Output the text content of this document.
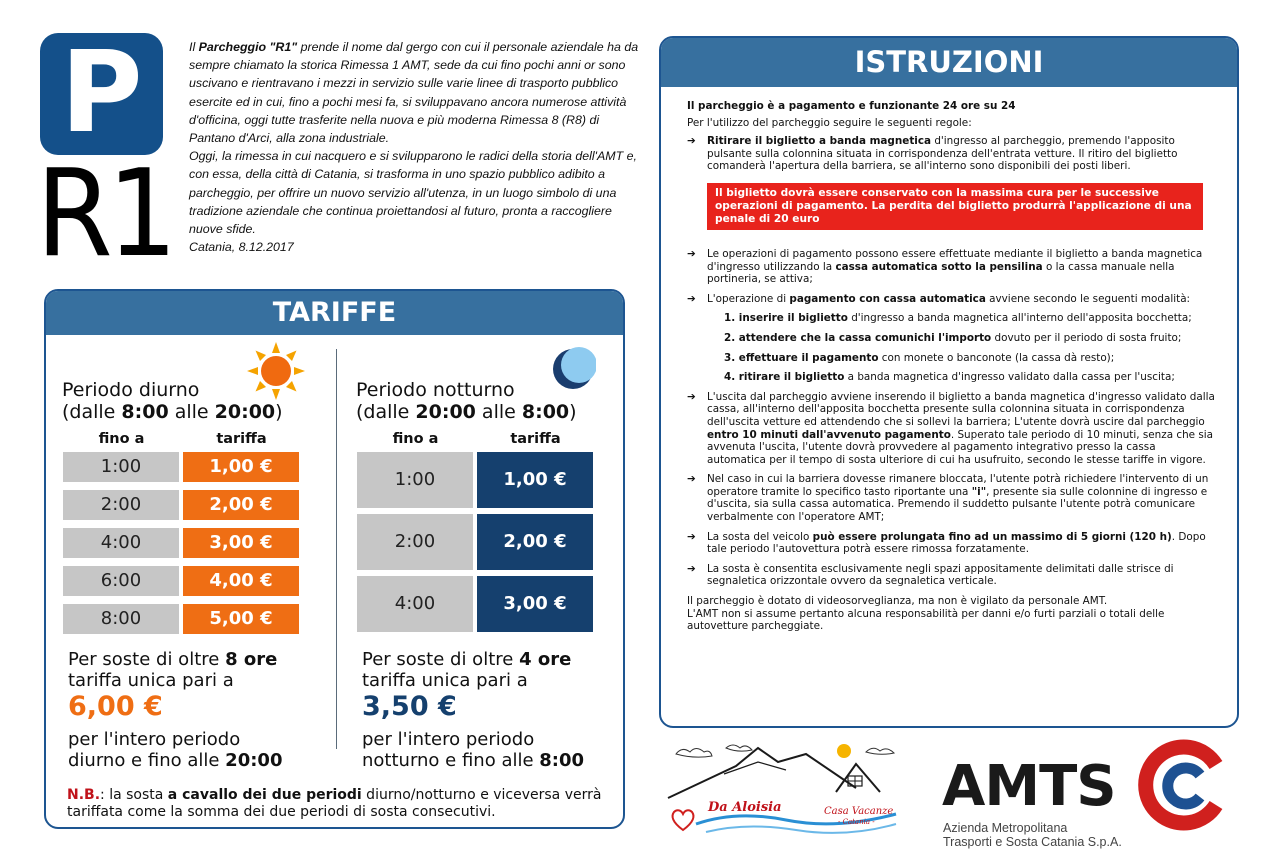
P
R1
Il Parcheggio "R1" prende il nome dal gergo con cui il personale aziendale ha da sempre chiamato la storica Rimessa 1 AMT, sede da cui fino pochi anni or sono uscivano e rientravano i mezzi in servizio sulle varie linee di trasporto pubblico esercite ed in cui, fino a pochi mesi fa, si sviluppavano ancora numerose attività d'officina, oggi tutte trasferite nella nuova e più moderna Rimessa 8 (R8) di Pantano d'Arci, alla zona industriale.
Oggi, la rimessa in cui nacquero e si svilupparono le radici della storia dell'AMT e, con essa, della città di Catania, si trasforma in uno spazio pubblico adibito a parcheggio, per offrire un nuovo servizio all'utenza, in un luogo simbolo di una tradizione aziendale che continua proiettandosi al futuro, pronta a raccogliere nuove sfide.
Catania, 8.12.2017
TARIFFE
Periodo diurno
(dalle 8:00 alle 20:00)
fino a	tariffa
1:00	1,00 €
2:00	2,00 €
4:00	3,00 €
6:00	4,00 €
8:00	5,00 €
Per soste di oltre 8 ore
tariffa unica pari a
6,00 €
per l'intero periodo
diurno e fino alle 20:00
Periodo notturno
(dalle 20:00 alle 8:00)
fino a	tariffa
1:00	1,00 €
2:00	2,00 €
4:00	3,00 €
Per soste di oltre 4 ore
tariffa unica pari a
3,50 €
per l'intero periodo
notturno e fino alle 8:00
N.B.: la sosta a cavallo dei due periodi diurno/notturno e viceversa verrà tariffata come la somma dei due periodi di sosta consecutivi.
ISTRUZIONI

Il parcheggio è a pagamento e funzionante 24 ore su 24

Per l'utilizzo del parcheggio seguire le seguenti regole:

➔ Ritirare il biglietto a banda magnetica d'ingresso al parcheggio, premendo l'apposito pulsante sulla colonnina situata in corrispondenza dell'entrata vetture. Il ritiro del biglietto comanderà l'apertura della barriera, se all'interno sono disponibili dei posti liberi.
Il biglietto dovrà essere conservato con la massima cura per le successive operazioni di pagamento. La perdita del biglietto produrrà l'applicazione di una penale di 20 euro
➔ Le operazioni di pagamento possono essere effettuate mediante il biglietto a banda magnetica d'ingresso utilizzando la cassa automatica sotto la pensilina o la cassa manuale nella portineria, se attiva;
➔ L'operazione di pagamento con cassa automatica avviene secondo le seguenti modalità:
1. inserire il biglietto d'ingresso a banda magnetica all'interno dell'apposita bocchetta;
2. attendere che la cassa comunichi l'importo dovuto per il periodo di sosta fruito;
3. effettuare il pagamento con monete o banconote (la cassa dà resto);
4. ritirare il biglietto a banda magnetica d'ingresso validato dalla cassa per l'uscita;
➔ L'uscita dal parcheggio avviene inserendo il biglietto a banda magnetica d'ingresso validato dalla cassa, all'interno dell'apposita bocchetta presente sulla colonnina situata in corrispondenza dell'uscita vetture ed attendendo che si sollevi la barriera; L'utente dovrà uscire dal parcheggio entro 10 minuti dall'avvenuto pagamento. Superato tale periodo di 10 minuti, senza che sia avvenuta l'uscita, l'utente dovrà provvedere al pagamento integrativo presso la cassa automatica per il tempo di sosta ulteriore di cui ha usufruito, secondo le stesse tariffe in vigore.
➔ Nel caso in cui la barriera dovesse rimanere bloccata, l'utente potrà richiedere l'intervento di un operatore tramite lo specifico tasto riportante una "i", presente sia sulle colonnine di ingresso e d'uscita, sia sulla cassa automatica. Premendo il suddetto pulsante l'utente potrà comunicare verbalmente con l'operatore AMT;
➔ La sosta del veicolo può essere prolungata fino ad un massimo di 5 giorni (120 h). Dopo tale periodo l'autovettura potrà essere rimossa forzatamente.
➔ La sosta è consentita esclusivamente negli spazi appositamente delimitati dalle strisce di segnaletica orizzontale ovvero da segnaletica verticale.

Il parcheggio è dotato di videosorveglianza, ma non è vigilato da personale AMT.
L'AMT non si assume pertanto alcuna responsabilità per danni e/o furti parziali o totali delle autovetture parcheggiate.

Da Aloisia	Casa Vacanze
- Catania -
AMTS
Azienda Metropolitana
Trasporti e Sosta Catania S.p.A.
